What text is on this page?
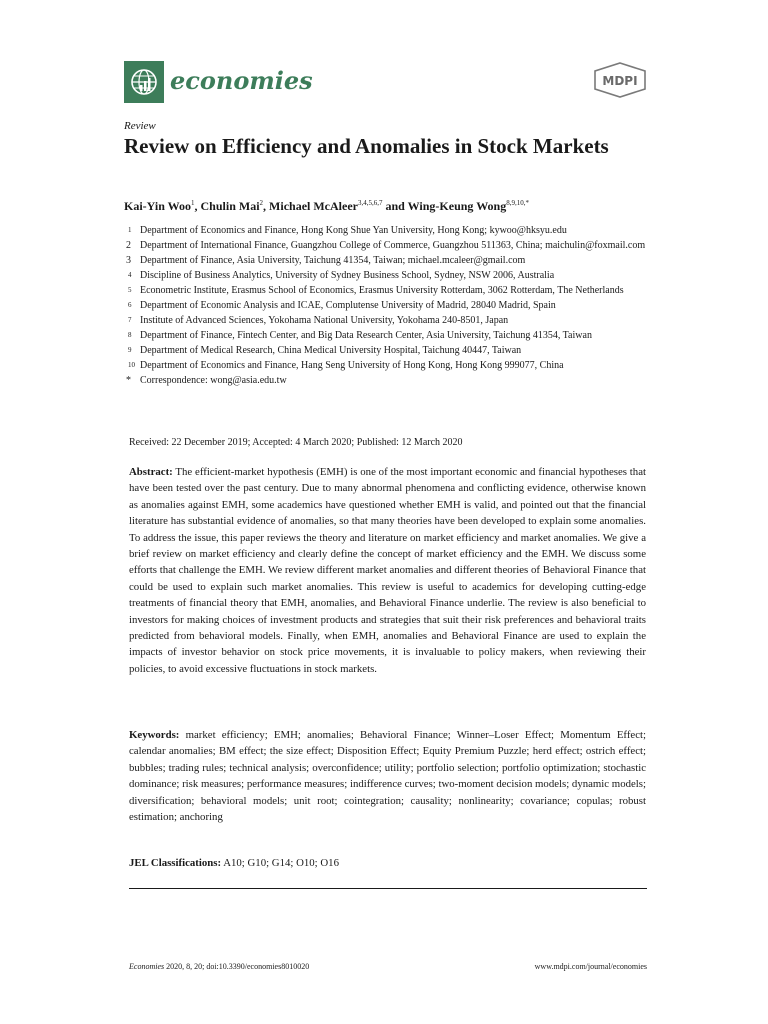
economies	MDPI
Review
Review on Efficiency and Anomalies in Stock Markets
Kai-Yin Woo$^1$, Chulin Mai$^2$, Michael McAleer$^{3,4,5,6,7}$ and Wing-Keung Wong$^{8,9,10,*}$
1 Department of Economics and Finance, Hong Kong Shue Yan University, Hong Kong; kywoo@hksyu.edu
2 Department of International Finance, Guangzhou College of Commerce, Guangzhou 511363, China; maichulin@foxmail.com
3 Department of Finance, Asia University, Taichung 41354, Taiwan; michael.mcaleer@gmail.com
4 Discipline of Business Analytics, University of Sydney Business School, Sydney, NSW 2006, Australia
5 Econometric Institute, Erasmus School of Economics, Erasmus University Rotterdam, 3062 Rotterdam, The Netherlands
6 Department of Economic Analysis and ICAE, Complutense University of Madrid, 28040 Madrid, Spain
7 Institute of Advanced Sciences, Yokohama National University, Yokohama 240-8501, Japan
8 Department of Finance, Fintech Center, and Big Data Research Center, Asia University, Taichung 41354, Taiwan
9 Department of Medical Research, China Medical University Hospital, Taichung 40447, Taiwan
10 Department of Economics and Finance, Hang Seng University of Hong Kong, Hong Kong 999077, China
* Correspondence: wong@asia.edu.tw
Received: 22 December 2019; Accepted: 4 March 2020; Published: 12 March 2020
Abstract: The efficient-market hypothesis (EMH) is one of the most important economic and financial hypotheses that have been tested over the past century. Due to many abnormal phenomena and conflicting evidence, otherwise known as anomalies against EMH, some academics have questioned whether EMH is valid, and pointed out that the financial literature has substantial evidence of anomalies, so that many theories have been developed to explain some anomalies. To address the issue, this paper reviews the theory and literature on market efficiency and market anomalies. We give a brief review on market efficiency and clearly define the concept of market efficiency and the EMH. We discuss some efforts that challenge the EMH. We review different market anomalies and different theories of Behavioral Finance that could be used to explain such market anomalies. This review is useful to academics for developing cutting-edge treatments of financial theory that EMH, anomalies, and Behavioral Finance underlie. The review is also beneficial to investors for making choices of investment products and strategies that suit their risk preferences and behavioral traits predicted from behavioral models. Finally, when EMH, anomalies and Behavioral Finance are used to explain the impacts of investor behavior on stock price movements, it is invaluable to policy makers, when reviewing their policies, to avoid excessive fluctuations in stock markets.
Keywords: market efficiency; EMH; anomalies; Behavioral Finance; Winner–Loser Effect; Momentum Effect; calendar anomalies; BM effect; the size effect; Disposition Effect; Equity Premium Puzzle; herd effect; ostrich effect; bubbles; trading rules; technical analysis; overconfidence; utility; portfolio selection; portfolio optimization; stochastic dominance; risk measures; performance measures; indifference curves; two-moment decision models; dynamic models; diversification; behavioral models; unit root; cointegration; causality; nonlinearity; covariance; copulas; robust estimation; anchoring
JEL Classifications: A10; G10; G14; O10; O16
Economies 2020, 8, 20; doi:10.3390/economies8010020	www.mdpi.com/journal/economies
